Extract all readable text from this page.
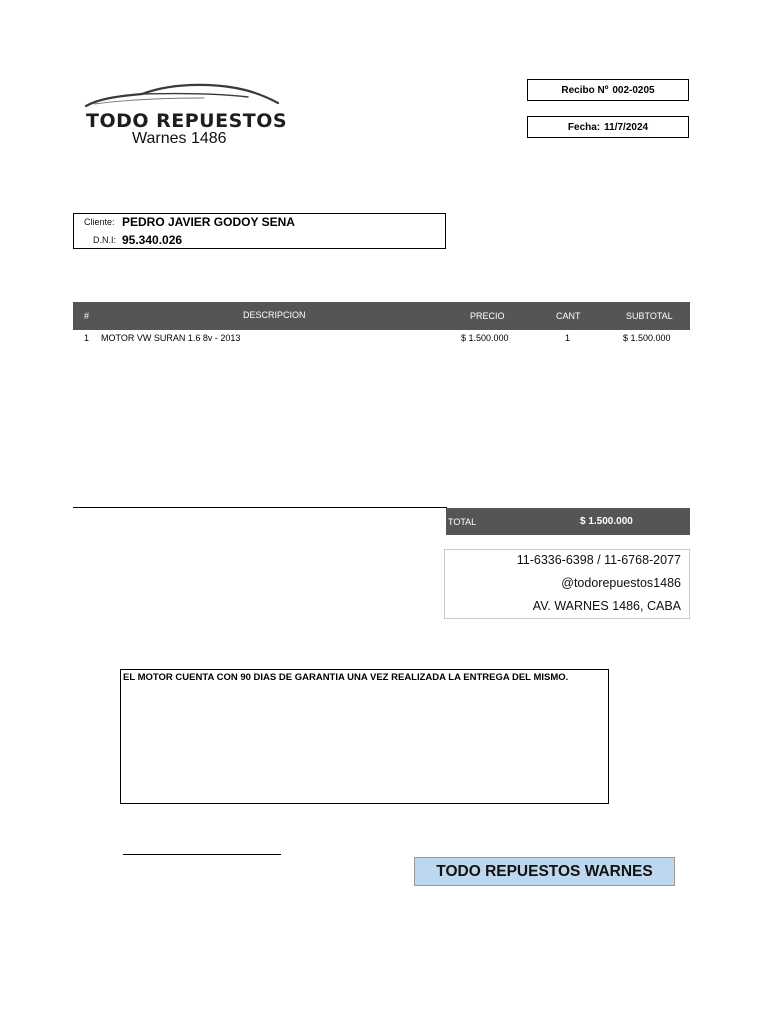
TODO REPUESTOS
Warnes 1486
Recibo Nº 002-0205
Fecha: 11/7/2024
Cliente: PEDRO JAVIER GODOY SENA
D.N.I: 95.340.026
#	DESCRIPCION	PRECIO	CANT	SUBTOTAL
1 MOTOR VW SURAN 1.6 8v - 2013	$ 1.500.000	1	$ 1.500.000
TOTAL	$ 1.500.000
11-6336-6398 / 11-6768-2077
@todorepuestos1486
AV. WARNES 1486, CABA
EL MOTOR CUENTA CON 90 DIAS DE GARANTIA UNA VEZ REALIZADA LA ENTREGA DEL MISMO.
TODO REPUESTOS WARNES
